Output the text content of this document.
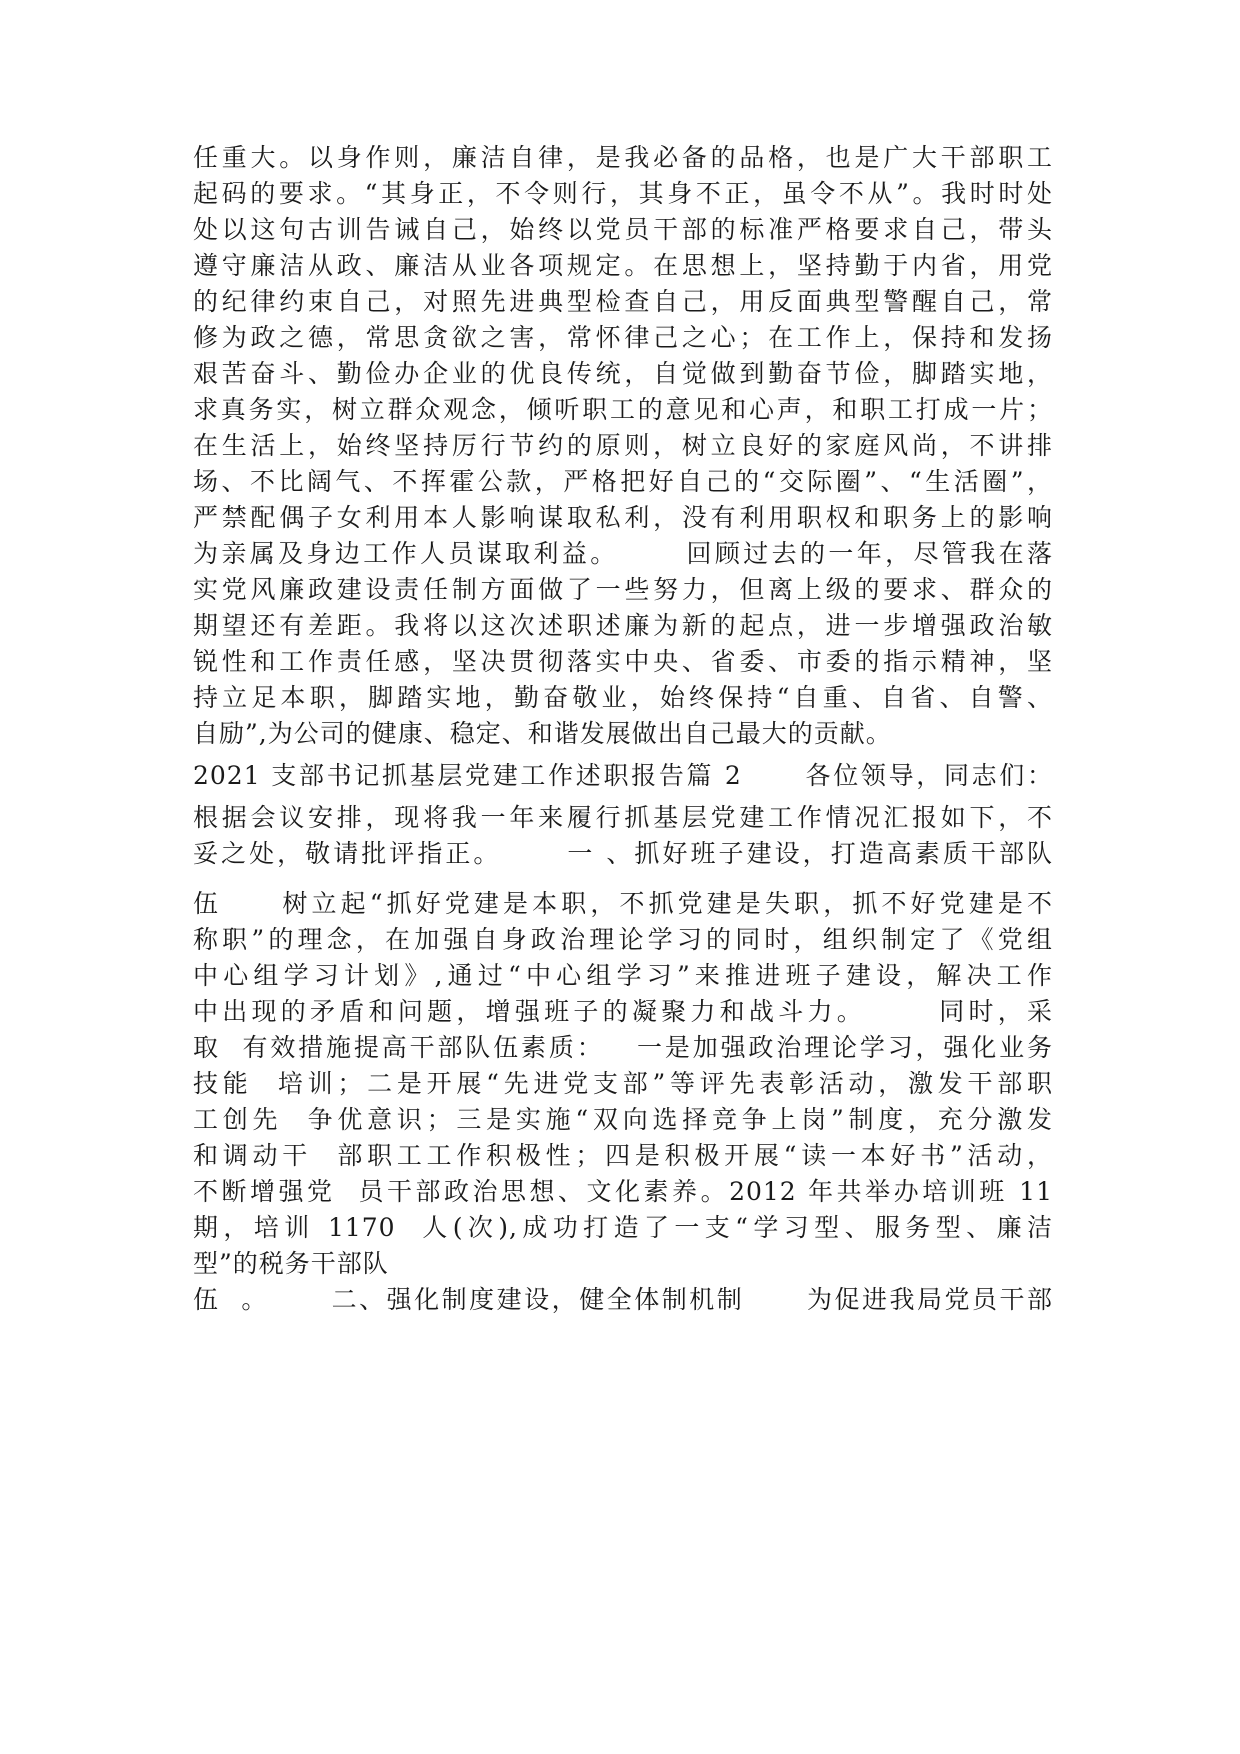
任重大。以身作则，廉洁自律，是我必备的品格，也是广大干部职工
起码的要求。“其身正，不令则行，其身不正，虽令不从”。我时时处
处以这句古训告诫自己，始终以党员干部的标准严格要求自己，带头
遵守廉洁从政、廉洁从业各项规定。在思想上，坚持勤于内省，用党
的纪律约束自己，对照先进典型检查自己，用反面典型警醒自己，常
修为政之德，常思贪欲之害，常怀律己之心；在工作上，保持和发扬
艰苦奋斗、勤俭办企业的优良传统，自觉做到勤奋节俭，脚踏实地，
求真务实，树立群众观念，倾听职工的意见和心声，和职工打成一片；
在生活上，始终坚持厉行节约的原则，树立良好的家庭风尚，不讲排
场、不比阔气、不挥霍公款，严格把好自己的“交际圈”、“生活圈”，
严禁配偶子女利用本人影响谋取私利，没有利用职权和职务上的影响
为亲属及身边工作人员谋取利益。      回顾过去的一年，尽管我在落
实党风廉政建设责任制方面做了一些努力，但离上级的要求、群众的
期望还有差距。我将以这次述职述廉为新的起点，进一步增强政治敏
锐性和工作责任感，坚决贯彻落实中央、省委、市委的指示精神，坚
持立足本职，脚踏实地，勤奋敬业，始终保持“自重、自省、自警、
自励”,为公司的健康、稳定、和谐发展做出自己最大的贡献。
2021 支部书记抓基层党建工作述职报告篇 2      各位领导，同志们：
根据会议安排，现将我一年来履行抓基层党建工作情况汇报如下，不
妥之处，敬请批评指正。      一 、抓好班子建设，打造高素质干部队
伍     树立起“抓好党建是本职，不抓党建是失职，抓不好党建是不
称职”的理念，在加强自身政治理论学习的同时，组织制定了《党组
中心组学习计划》,通过“中心组学习”来推进班子建设，解决工作
中出现的矛盾和问题，增强班子的凝聚力和战斗力。      同时，采
取  有效措施提高干部队伍素质：   一是加强政治理论学习，强化业务
技能  培训；二是开展“先进党支部”等评先表彰活动，激发干部职
工创先  争优意识；三是实施“双向选择竞争上岗”制度，充分激发
和调动干  部职工工作积极性；四是积极开展“读一本好书”活动，
不断增强党  员干部政治思想、文化素养。2012 年共举办培训班 11
期，培训 1170  人(次),成功打造了一支“学习型、服务型、廉洁
型”的税务干部队
伍  。      二、强化制度建设，健全体制机制      为促进我局党员干部
